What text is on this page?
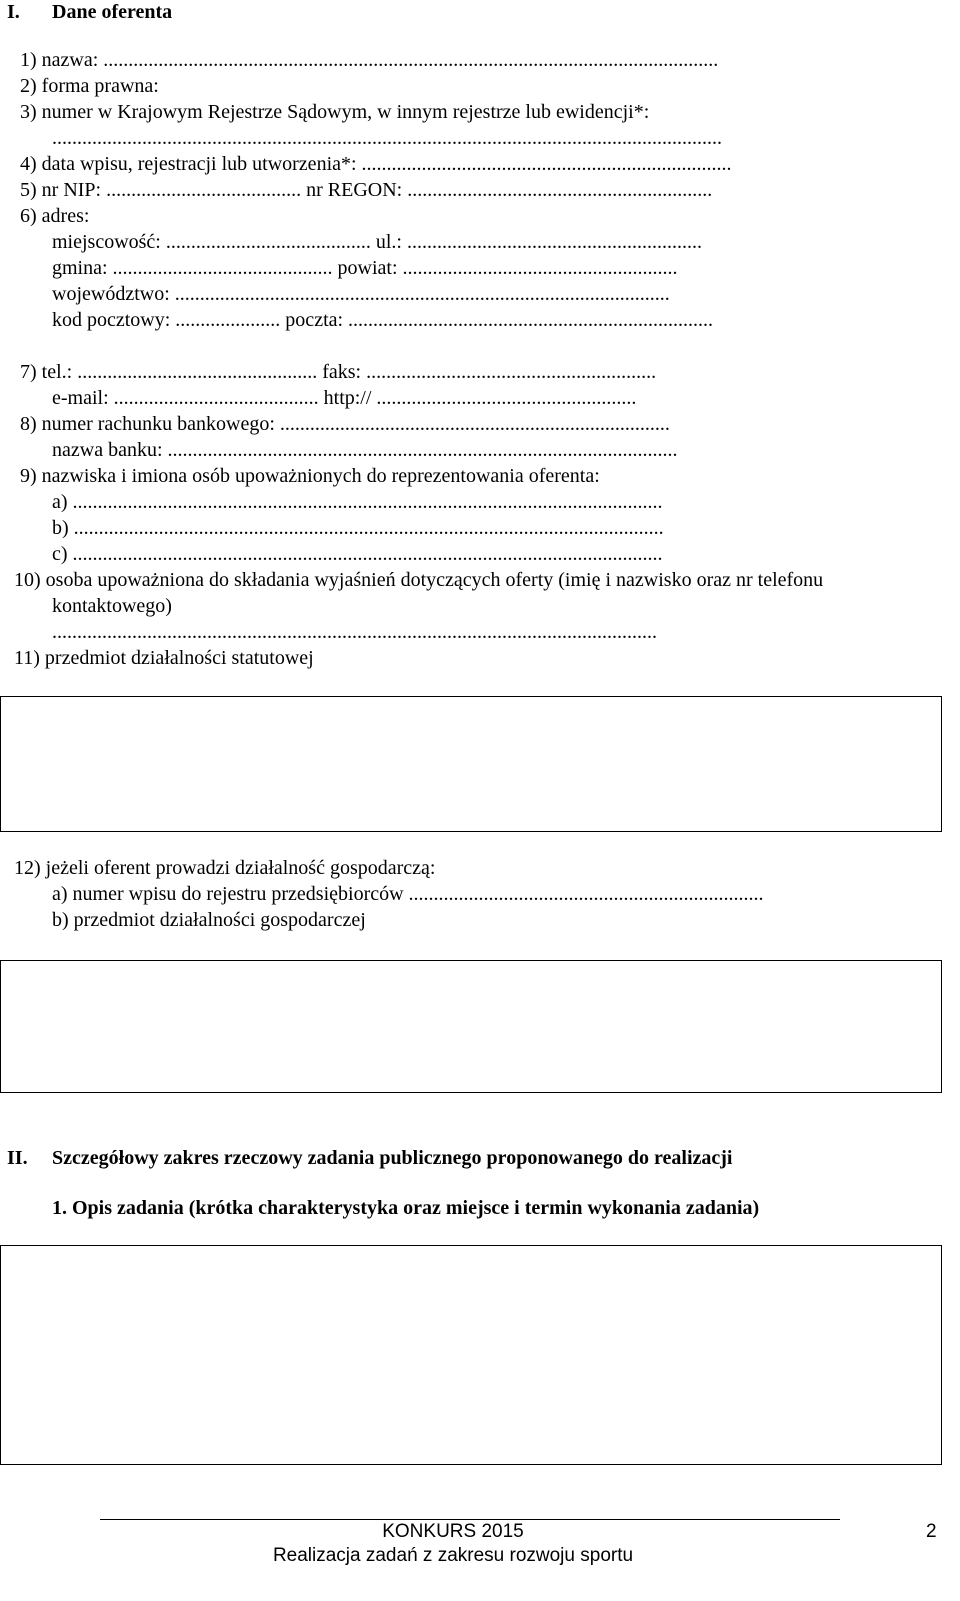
I. Dane oferenta
1) nazwa: ...........................................................................................................................
2) forma prawna:
3) numer w Krajowym Rejestrze Sądowym, w innym rejestrze lub ewidencji*:
......................................................................................................................................
4) data wpisu, rejestracji lub utworzenia*: ..........................................................................
5) nr NIP: ....................................... nr REGON: .............................................................
6) adres:
miejscowość: ......................................... ul.: ...........................................................
gmina: ............................................ powiat: .......................................................
województwo: ...................................................................................................
kod pocztowy: ..................... poczta: .........................................................................
7) tel.: ................................................ faks: ..........................................................
e-mail: ......................................... http:// ....................................................
8) numer rachunku bankowego: ..............................................................................
nazwa banku: ......................................................................................................
9) nazwiska i imiona osób upoważnionych do reprezentowania oferenta:
a) ......................................................................................................................
b) ......................................................................................................................
c) ......................................................................................................................
10) osoba upoważniona do składania wyjaśnień dotyczących oferty (imię i nazwisko oraz nr telefonu
kontaktowego)
.........................................................................................................................
11) przedmiot działalności statutowej
12) jeżeli oferent prowadzi działalność gospodarczą:
a) numer wpisu do rejestru przedsiębiorców .......................................................................
b) przedmiot działalności gospodarczej
II. Szczegółowy zakres rzeczowy zadania publicznego proponowanego do realizacji
1. Opis zadania (krótka charakterystyka oraz miejsce i termin wykonania zadania)
KONKURS 2015
Realizacja zadań z zakresu rozwoju sportu
2
